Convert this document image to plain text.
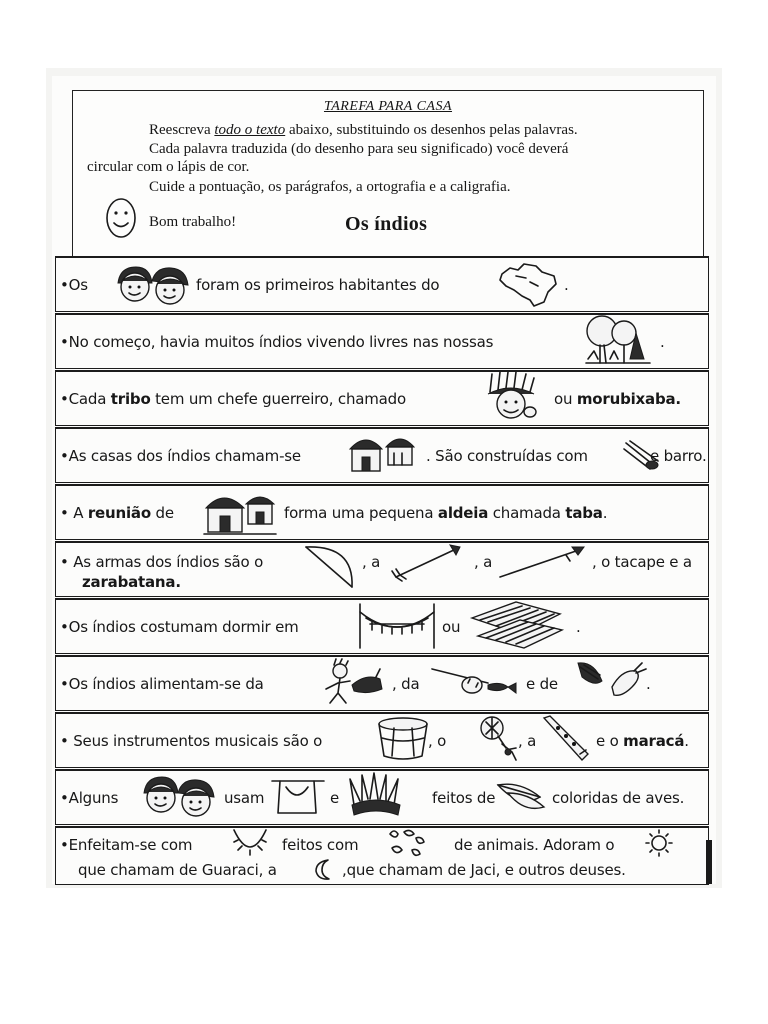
TAREFA PARA CASA
Reescreva todo o texto abaixo, substituindo os desenhos pelas palavras.
Cada palavra traduzida (do desenho para seu significado) você deverá
circular com o lápis de cor.
Cuide a pontuação, os parágrafos, a ortografia e a caligrafia.
Bom trabalho!	Os índios
•Os	foram os primeiros habitantes do	.
•No começo, havia muitos índios vivendo livres nas nossas	.
•Cada tribo tem um chefe guerreiro, chamado	ou morubixaba.
•As casas dos índios chamam-se	. São construídas com	e barro.
• A reunião de	forma uma pequena aldeia chamada taba.
• As armas dos índios são o	, a	, a	, o tacape e a
zarabatana.
•Os índios costumam dormir em	ou	.
•Os índios alimentam-se da	, da	e de	.
• Seus instrumentos musicais são o	, o	, a	e o maracá.
•Alguns	usam	e	feitos de	coloridas de aves.
•Enfeitam-se com	feitos com	de animais. Adoram o
que chamam de Guaraci, a	,que chamam de Jaci, e outros deuses.
